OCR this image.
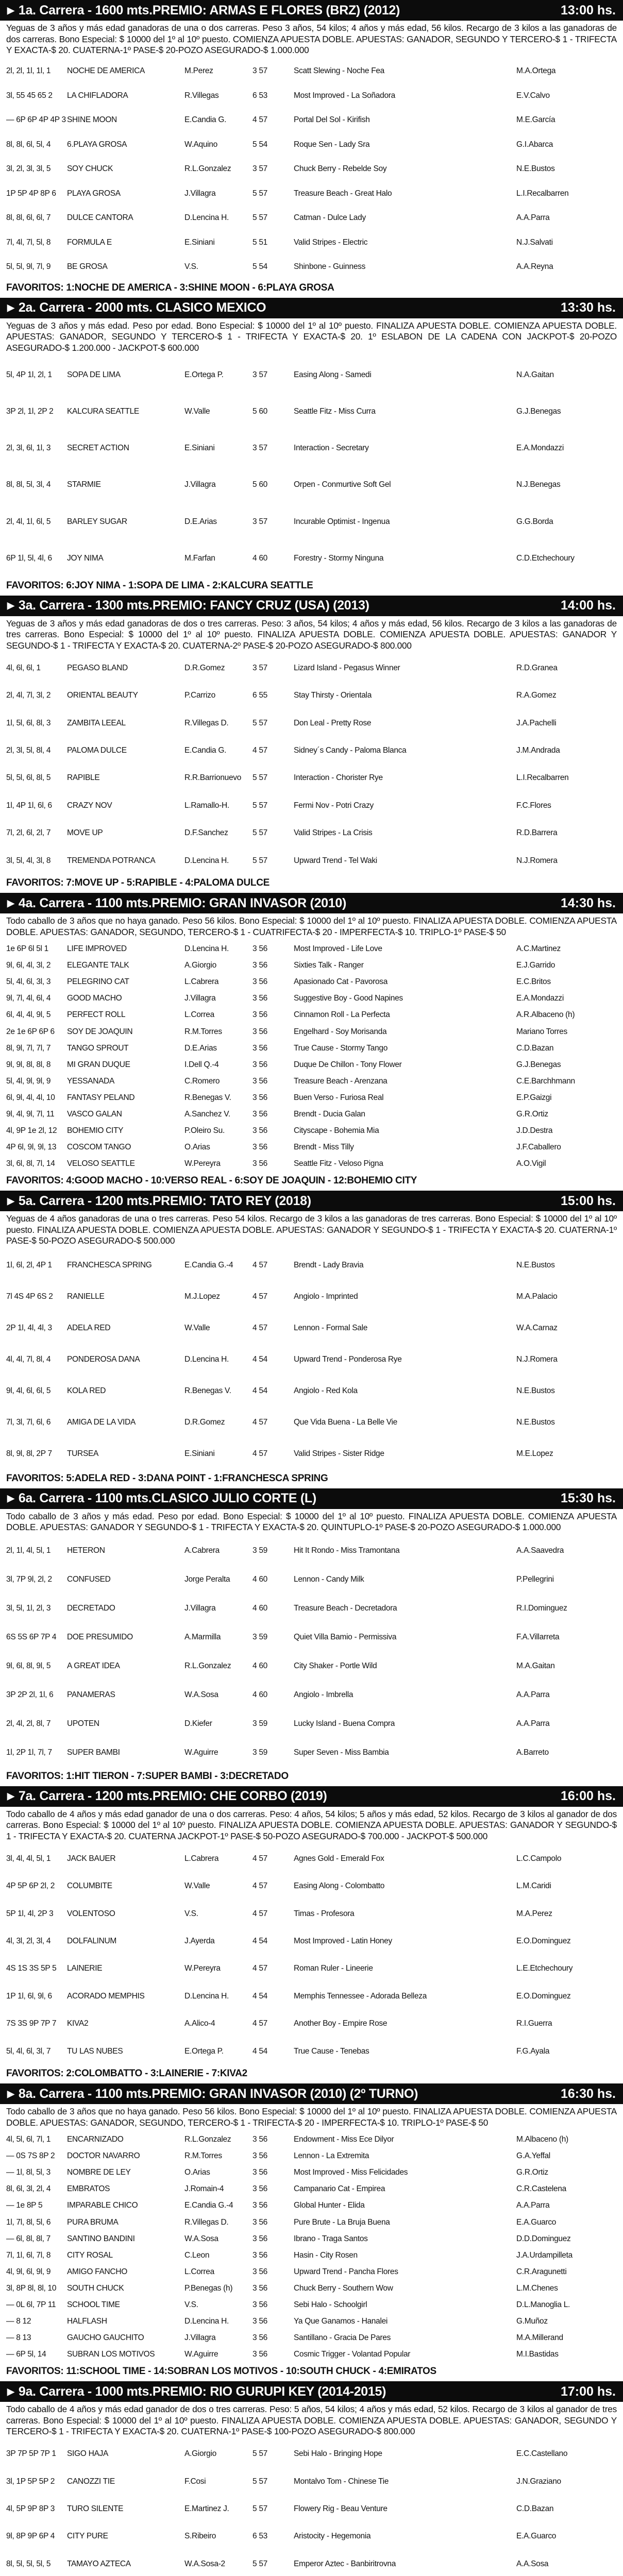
▶ 1a. Carrera - 1600 mts.PREMIO: ARMAS E FLORES (BRZ) (2012)	13:00 hs.
Yeguas de 3 años y más edad ganadoras de una o dos carreras. Peso 3 años, 54 kilos; 4 años y más edad, 56 kilos. Recargo de 3 kilos a las ganadoras de dos carreras. Bono Especial: $ 10000 del 1º al 10º puesto. COMIENZA APUESTA DOBLE. APUESTAS: GANADOR, SEGUNDO Y TERCERO-$ 1 - TRIFECTA Y EXACTA-$ 20. CUATERNA-1º PASE-$ 20-POZO ASEGURADO-$ 1.000.000
2l, 2l, 1l, 1l, 1	NOCHE DE AMERICA	M.Perez	3 57	Scatt Slewing - Noche Fea	M.A.Ortega
3l, 55 45 65 2	LA CHIFLADORA	R.Villegas	6 53	Most Improved - La Soñadora	E.V.Calvo
— 6P 6P 4P 4P 3 SHINE MOON	E.Candia G.	4 57	Portal Del Sol - Kirifish	M.E.García
8l, 8l, 6l, 5l, 4	6.PLAYA GROSA	W.Aquino	5 54	Roque Sen - Lady Sra	G.I.Abarca
3l, 2l, 3l, 3l, 5	SOY CHUCK	R.L.Gonzalez	3 57	Chuck Berry - Rebelde Soy	N.E.Bustos
1P 5P 4P 8P 6	PLAYA GROSA	J.Villagra	5 57	Treasure Beach - Great Halo	L.I.Recalbarren
8l, 8l, 6l, 6l, 7	DULCE CANTORA	D.Lencina H.	5 57	Catman - Dulce Lady	A.A.Parra
7l, 4l, 7l, 5l, 8	FORMULA E	E.Siniani	5 51	Valid Stripes - Electric	N.J.Salvati
5l, 5l, 9l, 7l, 9	BE GROSA	V.S.	5 54	Shinbone - Guinness	A.A.Reyna
FAVORITOS: 1:NOCHE DE AMERICA - 3:SHINE MOON - 6:PLAYA GROSA
▶ 2a. Carrera - 2000 mts. CLASICO MEXICO	13:30 hs.
Yeguas de 3 años y más edad. Peso por edad. Bono Especial: $ 10000 del 1º al 10º puesto. FINALIZA APUESTA DOBLE. COMIENZA APUESTA DOBLE. APUESTAS: GANADOR, SEGUNDO Y TERCERO-$ 1 - TRIFECTA Y EXACTA-$ 20. 1º ESLABON DE LA CADENA CON JACKPOT-$ 20-POZO ASEGURADO-$ 1.200.000 - JACKPOT-$ 600.000
5l, 4P 1l, 2l, 1	SOPA DE LIMA	E.Ortega P.	3 57	Easing Along - Samedi	N.A.Gaitan
3P 2l, 1l, 2P 2	KALCURA SEATTLE	W.Valle	5 60	Seattle Fitz - Miss Curra	G.J.Benegas
2l, 3l, 6l, 1l, 3	SECRET ACTION	E.Siniani	3 57	Interaction - Secretary	E.A.Mondazzi
8l, 8l, 5l, 3l, 4	STARMIE	J.Villagra	5 60	Orpen - Conmurtive Soft Gel	N.J.Benegas
2l, 4l, 1l, 6l, 5	BARLEY SUGAR	D.E.Arias	3 57	Incurable Optimist - Ingenua	G.G.Borda
6P 1l, 5l, 4l, 6	JOY NIMA	M.Farfan	4 60	Forestry - Stormy Ninguna	C.D.Etchechoury
FAVORITOS: 6:JOY NIMA - 1:SOPA DE LIMA - 2:KALCURA SEATTLE
▶ 3a. Carrera - 1300 mts.PREMIO: FANCY CRUZ (USA) (2013)	14:00 hs.
Yeguas de 3 años y más edad ganadoras de dos o tres carreras. Peso: 3 años, 54 kilos; 4 años y más edad, 56 kilos. Recargo de 3 kilos a las ganadoras de tres carreras. Bono Especial: $ 10000 del 1º al 10º puesto. FINALIZA APUESTA DOBLE. COMIENZA APUESTA DOBLE. APUESTAS: GANADOR Y SEGUNDO-$ 1 - TRIFECTA Y EXACTA-$ 20. CUATERNA-2º PASE-$ 20-POZO ASEGURADO-$ 800.000
4l, 6l, 6l, 1	PEGASO BLAND	D.R.Gomez	3 57	Lizard Island - Pegasus Winner	R.D.Granea
2l, 4l, 7l, 3l, 2	ORIENTAL BEAUTY	P.Carrizo	6 55	Stay Thirsty - Orientala	R.A.Gomez
1l, 5l, 6l, 8l, 3	ZAMBITA LEEAL	R.Villegas D.	5 57	Don Leal - Pretty Rose	J.A.Pachelli
2l, 3l, 5l, 8l, 4	PALOMA DULCE	E.Candia G.	4 57	Sidney´s Candy - Paloma Blanca	J.M.Andrada
5l, 5l, 6l, 8l, 5	RAPIBLE	R.R.Barrionuevo	5 57	Interaction - Chorister Rye	L.I.Recalbarren
1l, 4P 1l, 6l, 6	CRAZY NOV	L.Ramallo-H.	5 57	Fermi Nov - Potri Crazy	F.C.Flores
7l, 2l, 6l, 2l, 7	MOVE UP	D.F.Sanchez	5 57	Valid Stripes - La Crisis	R.D.Barrera
3l, 5l, 4l, 3l, 8	TREMENDA POTRANCA	D.Lencina H.	5 57	Upward Trend - Tel Waki	N.J.Romera
FAVORITOS: 7:MOVE UP - 5:RAPIBLE - 4:PALOMA DULCE
▶ 4a. Carrera - 1100 mts.PREMIO: GRAN INVASOR (2010)	14:30 hs.
Todo caballo de 3 años que no haya ganado. Peso 56 kilos. Bono Especial: $ 10000 del 1º al 10º puesto. FINALIZA APUESTA DOBLE. COMIENZA APUESTA DOBLE. APUESTAS: GANADOR, SEGUNDO, TERCERO-$ 1 - CUATRIFECTA-$ 20 - IMPERFECTA-$ 10. TRIPLO-1º PASE-$ 50
1e 6P 6l 5l 1	LIFE IMPROVED	D.Lencina H.	3 56	Most Improved - Life Love	A.C.Martinez
9l, 6l, 4l, 3l, 2	ELEGANTE TALK	A.Giorgio	3 56	Sixties Talk - Ranger	E.J.Garrido
5l, 4l, 6l, 3l, 3	PELEGRINO CAT	L.Cabrera	3 56	Apasionado Cat - Pavorosa	E.C.Britos
9l, 7l, 4l, 6l, 4	GOOD MACHO	J.Villagra	3 56	Suggestive Boy - Good Napines	E.A.Mondazzi
6l, 4l, 4l, 9l, 5	PERFECT ROLL	L.Correa	3 56	Cinnamon Roll - La Perfecta	A.R.Albaceno (h)
2e 1e 6P 6P 6	SOY DE JOAQUIN	R.M.Torres	3 56	Engelhard - Soy Morisanda	Mariano Torres
8l, 9l, 7l, 7l, 7	TANGO SPROUT	D.E.Arias	3 56	True Cause - Stormy Tango	C.D.Bazan
9l, 9l, 8l, 8l, 8	MI GRAN DUQUE	I.Dell Q.-4	3 56	Duque De Chillon - Tony Flower	G.J.Benegas
5l, 4l, 9l, 9l, 9	YESSANADA	C.Romero	3 56	Treasure Beach - Arenzana	C.E.Barchhmann
6l, 9l, 4l, 4l, 10	FANTASY PELAND	R.Benegas V.	3 56	Buen Verso - Furiosa Real	E.P.Gaizgi
9l, 4l, 9l, 7l, 11	VASCO GALAN	A.Sanchez V.	3 56	Brendt - Ducia Galan	G.R.Ortiz
4l, 9P 1e 2l, 12	BOHEMIO CITY	P.Oleiro Su.	3 56	Cityscape - Bohemia Mia	J.D.Destra
4P 6l, 9l, 9l, 13	COSCOM TANGO	O.Arias	3 56	Brendt - Miss Tilly	J.F.Caballero
3l, 6l, 8l, 7l, 14	VELOSO SEATTLE	W.Pereyra	3 56	Seattle Fitz - Veloso Pigna	A.O.Vigil
FAVORITOS: 4:GOOD MACHO - 10:VERSO REAL - 6:SOY DE JOAQUIN - 12:BOHEMIO CITY
▶ 5a. Carrera - 1200 mts.PREMIO: TATO REY (2018)	15:00 hs.
Yeguas de 4 años ganadoras de una o tres carreras. Peso 54 kilos. Recargo de 3 kilos a las ganadoras de tres carreras. Bono Especial: $ 10000 del 1º al 10º puesto. FINALIZA APUESTA DOBLE. COMIENZA APUESTA DOBLE. APUESTAS: GANADOR Y SEGUNDO-$ 1 - TRIFECTA Y EXACTA-$ 20. CUATERNA-1º PASE-$ 50-POZO ASEGURADO-$ 500.000
1l, 6l, 2l, 4P 1	FRANCHESCA SPRING	E.Candia G.-4	4 57	Brendt - Lady Bravia	N.E.Bustos
7l 4S 4P 6S 2	RANIELLE	M.J.Lopez	4 57	Angiolo - Imprinted	M.A.Palacio
2P 1l, 4l, 4l, 3	ADELA RED	W.Valle	4 57	Lennon - Formal Sale	W.A.Carnaz
4l, 4l, 7l, 8l, 4	PONDEROSA DANA	D.Lencina H.	4 54	Upward Trend - Ponderosa Rye	N.J.Romera
9l, 4l, 6l, 6l, 5	KOLA RED	R.Benegas V.	4 54	Angiolo - Red Kola	N.E.Bustos
7l, 3l, 7l, 6l, 6	AMIGA DE LA VIDA	D.R.Gomez	4 57	Que Vida Buena - La Belle Vie	N.E.Bustos
8l, 9l, 8l, 2P 7	TURSEA	E.Siniani	4 57	Valid Stripes - Sister Ridge	M.E.Lopez
FAVORITOS: 5:ADELA RED - 3:DANA POINT - 1:FRANCHESCA SPRING
▶ 6a. Carrera - 1100 mts.CLASICO JULIO CORTE (L)	15:30 hs.
Todo caballo de 3 años y más edad. Peso por edad. Bono Especial: $ 10000 del 1º al 10º puesto. FINALIZA APUESTA DOBLE. COMIENZA APUESTA DOBLE. APUESTAS: GANADOR Y SEGUNDO-$ 1 - TRIFECTA Y EXACTA-$ 20. QUINTUPLO-1º PASE-$ 20-POZO ASEGURADO-$ 1.000.000
2l, 1l, 4l, 5l, 1	HETERON	A.Cabrera	3 59	Hit It Rondo - Miss Tramontana	A.A.Saavedra
3l, 7P 9l, 2l, 2	CONFUSED	Jorge Peralta	4 60	Lennon - Candy Milk	P.Pellegrini
3l, 5l, 1l, 2l, 3	DECRETADO	J.Villagra	4 60	Treasure Beach - Decretadora	R.I.Dominguez
6S 5S 6P 7P 4	DOE PRESUMIDO	A.Marmilla	3 59	Quiet Villa Bamio - Permissiva	F.A.Villarreta
9l, 6l, 8l, 9l, 5	A GREAT IDEA	R.L.Gonzalez	4 60	City Shaker - Portle Wild	M.A.Gaitan
3P 2P 2l, 1l, 6	PANAMERAS	W.A.Sosa	4 60	Angiolo - Imbrella	A.A.Parra
2l, 4l, 2l, 8l, 7	UPOTEN	D.Kiefer	3 59	Lucky Island - Buena Compra	A.A.Parra
1l, 2P 1l, 7l, 7	SUPER BAMBI	W.Aguirre	3 59	Super Seven - Miss Bambia	A.Barreto
FAVORITOS: 1:HIT TIERON - 7:SUPER BAMBI - 3:DECRETADO
▶ 7a. Carrera - 1200 mts.PREMIO: CHE CORBO (2019)	16:00 hs.
Todo caballo de 4 años y más edad ganador de una o dos carreras. Peso: 4 años, 54 kilos; 5 años y más edad, 52 kilos. Recargo de 3 kilos al ganador de dos carreras. Bono Especial: $ 10000 del 1º al 10º puesto. FINALIZA APUESTA DOBLE. COMIENZA APUESTA DOBLE. APUESTAS: GANADOR Y SEGUNDO-$ 1 - TRIFECTA Y EXACTA-$ 20. CUATERNA JACKPOT-1º PASE-$ 50-POZO ASEGURADO-$ 700.000 - JACKPOT-$ 500.000
3l, 4l, 4l, 5l, 1	JACK BAUER	L.Cabrera	4 57	Agnes Gold - Emerald Fox	L.C.Campolo
4P 5P 6P 2l, 2	COLUMBITE	W.Valle	4 57	Easing Along - Colombatto	L.M.Caridi
5P 1l, 4l, 2P 3	VOLENTOSO	V.S.	4 57	Timas - Profesora	M.A.Perez
4l, 3l, 2l, 3l, 4	DOLFALINUM	J.Ayerda	4 54	Most Improved - Latin Honey	E.O.Dominguez
4S 1S 3S 5P 5	LAINERIE	W.Pereyra	4 57	Roman Ruler - Lineerie	L.E.Etchechoury
1P 1l, 6l, 9l, 6	ACORADO MEMPHIS	D.Lencina H.	4 54	Memphis Tennessee - Adorada Belleza	E.O.Dominguez
7S 3S 9P 7P 7	KIVA2	A.Alico-4	4 57	Another Boy - Empire Rose	R.I.Guerra
5l, 4l, 6l, 3l, 7	TU LAS NUBES	E.Ortega P.	4 54	True Cause - Tenebas	F.G.Ayala
FAVORITOS: 2:COLOMBATTO - 3:LAINERIE - 7:KIVA2
▶ 8a. Carrera - 1100 mts.PREMIO: GRAN INVASOR (2010) (2º TURNO)	16:30 hs.
Todo caballo de 3 años que no haya ganado. Peso 56 kilos. Bono Especial: $ 10000 del 1º al 10º puesto. FINALIZA APUESTA DOBLE. COMIENZA APUESTA DOBLE. APUESTAS: GANADOR, SEGUNDO, TERCERO-$ 1 - TRIFECTA-$ 20 - IMPERFECTA-$ 10. TRIPLO-1º PASE-$ 50
4l, 5l, 6l, 7l, 1	ENCARNIZADO	R.L.Gonzalez	3 56	Endowment - Miss Ece Dilyor	M.Albaceno (h)
— 0S 7S 8P 2	DOCTOR NAVARRO	R.M.Torres	3 56	Lennon - La Extremita	G.A.Yeffal
— 1l, 8l, 5l, 3	NOMBRE DE LEY	O.Arias	3 56	Most Improved - Miss Felicidades	G.R.Ortiz
8l, 6l, 3l, 2l, 4	EMBRATOS	J.Romain-4	3 56	Campanario Cat - Empirea	C.R.Castelena
— 1e 8P 5	IMPARABLE CHICO	E.Candia G.-4	3 56	Global Hunter - Elida	A.A.Parra
1l, 7l, 8l, 5l, 6	PURA BRUMA	R.Villegas D.	3 56	Pure Brute - La Bruja Buena	E.A.Guarco
— 6l, 8l, 8l, 7	SANTINO BANDINI	W.A.Sosa	3 56	Ibrano - Traga Santos	D.D.Dominguez
7l, 1l, 6l, 7l, 8	CITY ROSAL	C.Leon	3 56	Hasin - City Rosen	J.A.Urdampilleta
4l, 9l, 6l, 9l, 9	AMIGO FANCHO	L.Correa	3 56	Upward Trend - Pancha Flores	C.R.Aragunetti
3l, 8P 8l, 8l, 10	SOUTH CHUCK	P.Benegas (h)	3 56	Chuck Berry - Southern Wow	L.M.Chenes
— 0L 6l, 7P 11	SCHOOL TIME	V.S.	3 56	Sebi Halo - Schoolgirl	D.L.Manoglia L.
— 8 12	HALFLASH	D.Lencina H.	3 56	Ya Que Ganamos - Hanalei	G.Muñoz
— 8 13	GAUCHO GAUCHITO	J.Villagra	3 56	Santillano - Gracia De Pares	M.A.Millerand
— 6P 5l, 14	SUBRAN LOS MOTIVOS	W.Aguirre	3 56	Cosmic Trigger - Volantad Popular	M.I.Bastidas
FAVORITOS: 11:SCHOOL TIME - 14:SOBRAN LOS MOTIVOS - 10:SOUTH CHUCK - 4:EMIRATOS
▶ 9a. Carrera - 1000 mts.PREMIO: RIO GURUPI KEY (2014-2015)	17:00 hs.
Todo caballo de 4 años y más edad ganador de dos o tres carreras. Peso: 5 años, 54 kilos; 4 años y más edad, 52 kilos. Recargo de 3 kilos al ganador de tres carreras. Bono Especial: $ 10000 del 1º al 10º puesto. FINALIZA APUESTA DOBLE. COMIENZA APUESTA DOBLE. APUESTAS: GANADOR, SEGUNDO Y TERCERO-$ 1 - TRIFECTA Y EXACTA-$ 20. CUATERNA-1º PASE-$ 100-POZO ASEGURADO-$ 800.000
3P 7P 5P 7P 1	SIGO HAJA	A.Giorgio	5 57	Sebi Halo - Bringing Hope	E.C.Castellano
3l, 1P 5P 5P 2	CANOZZI TIE	F.Cosi	5 57	Montalvo Tom - Chinese Tie	J.N.Graziano
4l, 5P 9P 8P 3	TURO SILENTE	E.Martinez J.	5 57	Flowery Rig - Beau Venture	C.D.Bazan
9l, 8P 9P 6P 4	CITY PURE	S.Ribeiro	6 53	Aristocity - Hegemonia	E.A.Guarco
8l, 5l, 5l, 5l, 5	TAMAYO AZTECA	W.A.Sosa-2	5 57	Emperor Aztec - Banbiritrovna	A.A.Sosa
